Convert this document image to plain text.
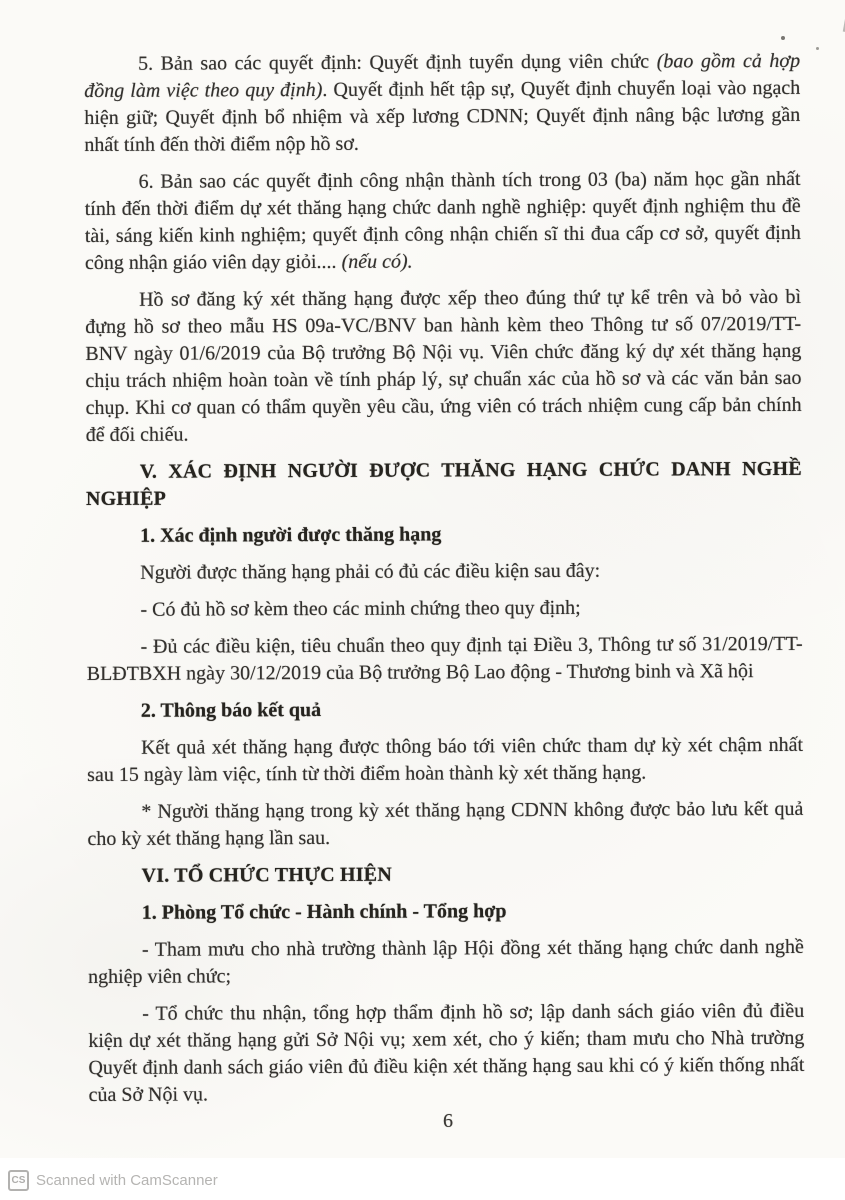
5. Bản sao các quyết định: Quyết định tuyển dụng viên chức (bao gồm cả hợp đồng làm việc theo quy định). Quyết định hết tập sự, Quyết định chuyển loại vào ngạch hiện giữ; Quyết định bổ nhiệm và xếp lương CDNN; Quyết định nâng bậc lương gần nhất tính đến thời điểm nộp hồ sơ.

6. Bản sao các quyết định công nhận thành tích trong 03 (ba) năm học gần nhất tính đến thời điểm dự xét thăng hạng chức danh nghề nghiệp: quyết định nghiệm thu đề tài, sáng kiến kinh nghiệm; quyết định công nhận chiến sĩ thi đua cấp cơ sở, quyết định công nhận giáo viên dạy giỏi.... (nếu có).

Hồ sơ đăng ký xét thăng hạng được xếp theo đúng thứ tự kể trên và bỏ vào bì đựng hồ sơ theo mẫu HS 09a-VC/BNV ban hành kèm theo Thông tư số 07/2019/TT-BNV ngày 01/6/2019 của Bộ trưởng Bộ Nội vụ. Viên chức đăng ký dự xét thăng hạng chịu trách nhiệm hoàn toàn về tính pháp lý, sự chuẩn xác của hồ sơ và các văn bản sao chụp. Khi cơ quan có thẩm quyền yêu cầu, ứng viên có trách nhiệm cung cấp bản chính để đối chiếu.

V. XÁC ĐỊNH NGƯỜI ĐƯỢC THĂNG HẠNG CHỨC DANH NGHỀ NGHIỆP

1. Xác định người được thăng hạng

Người được thăng hạng phải có đủ các điều kiện sau đây:

- Có đủ hồ sơ kèm theo các minh chứng theo quy định;

- Đủ các điều kiện, tiêu chuẩn theo quy định tại Điều 3, Thông tư số 31/2019/TT-BLĐTBXH ngày 30/12/2019 của Bộ trưởng Bộ Lao động - Thương binh và Xã hội

2. Thông báo kết quả

Kết quả xét thăng hạng được thông báo tới viên chức tham dự kỳ xét chậm nhất sau 15 ngày làm việc, tính từ thời điểm hoàn thành kỳ xét thăng hạng.

* Người thăng hạng trong kỳ xét thăng hạng CDNN không được bảo lưu kết quả cho kỳ xét thăng hạng lần sau.

VI. TỔ CHỨC THỰC HIỆN

1. Phòng Tổ chức - Hành chính - Tổng hợp

- Tham mưu cho nhà trường thành lập Hội đồng xét thăng hạng chức danh nghề nghiệp viên chức;

- Tổ chức thu nhận, tổng hợp thẩm định hồ sơ; lập danh sách giáo viên đủ điều kiện dự xét thăng hạng gửi Sở Nội vụ; xem xét, cho ý kiến; tham mưu cho Nhà trường Quyết định danh sách giáo viên đủ điều kiện xét thăng hạng sau khi có ý kiến thống nhất của Sở Nội vụ.

6
CS Scanned with CamScanner
